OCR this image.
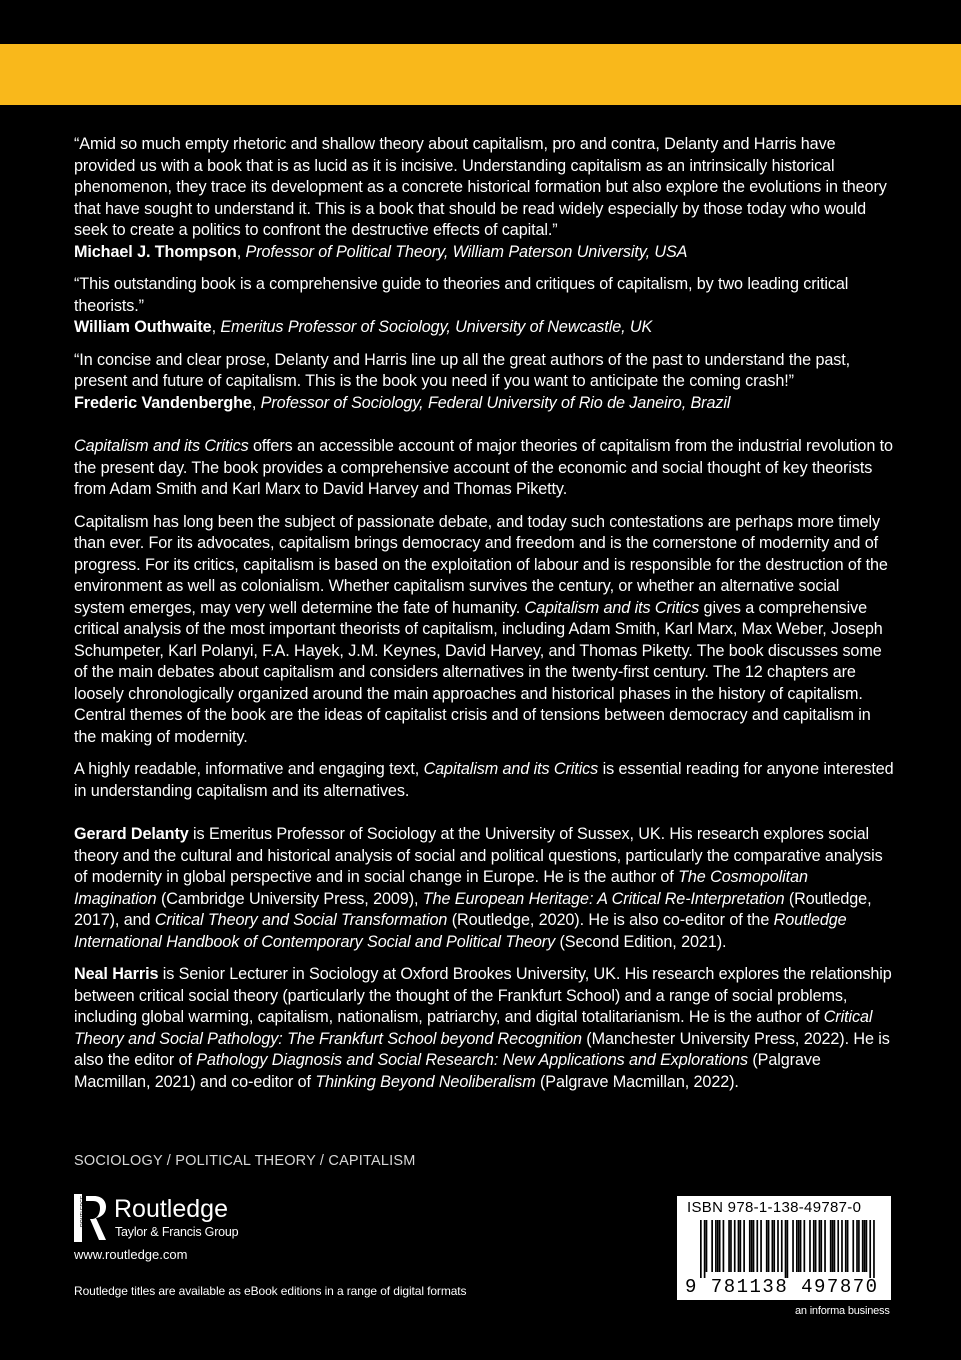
“Amid so much empty rhetoric and shallow theory about capitalism, pro and contra, Delanty and Harris have provided us with a book that is as lucid as it is incisive. Understanding capitalism as an intrinsically historical phenomenon, they trace its development as a concrete historical formation but also explore the evolutions in theory that have sought to understand it. This is a book that should be read widely especially by those today who would seek to create a politics to confront the destructive effects of capital.”
Michael J. Thompson, Professor of Political Theory, William Paterson University, USA

“This outstanding book is a comprehensive guide to theories and critiques of capitalism, by two leading critical theorists.”
William Outhwaite, Emeritus Professor of Sociology, University of Newcastle, UK

“In concise and clear prose, Delanty and Harris line up all the great authors of the past to understand the past, present and future of capitalism. This is the book you need if you want to anticipate the coming crash!”
Frederic Vandenberghe, Professor of Sociology, Federal University of Rio de Janeiro, Brazil

Capitalism and its Critics offers an accessible account of major theories of capitalism from the industrial revolution to the present day. The book provides a comprehensive account of the economic and social thought of key theorists from Adam Smith and Karl Marx to David Harvey and Thomas Piketty.

Capitalism has long been the subject of passionate debate, and today such contestations are perhaps more timely than ever. For its advocates, capitalism brings democracy and freedom and is the cornerstone of modernity and of progress. For its critics, capitalism is based on the exploitation of labour and is responsible for the destruction of the environment as well as colonialism. Whether capitalism survives the century, or whether an alternative social system emerges, may very well determine the fate of humanity. Capitalism and its Critics gives a comprehensive critical analysis of the most important theorists of capitalism, including Adam Smith, Karl Marx, Max Weber, Joseph Schumpeter, Karl Polanyi, F.A. Hayek, J.M. Keynes, David Harvey, and Thomas Piketty. The book discusses some of the main debates about capitalism and considers alternatives in the twenty-first century. The 12 chapters are loosely chronologically organized around the main approaches and historical phases in the history of capitalism. Central themes of the book are the ideas of capitalist crisis and of tensions between democracy and capitalism in the making of modernity.

A highly readable, informative and engaging text, Capitalism and its Critics is essential reading for anyone interested in understanding capitalism and its alternatives.

Gerard Delanty is Emeritus Professor of Sociology at the University of Sussex, UK. His research explores social theory and the cultural and historical analysis of social and political questions, particularly the comparative analysis of modernity in global perspective and in social change in Europe. He is the author of The Cosmopolitan Imagination (Cambridge University Press, 2009), The European Heritage: A Critical Re-Interpretation (Routledge, 2017), and Critical Theory and Social Transformation (Routledge, 2020). He is also co-editor of the Routledge International Handbook of Contemporary Social and Political Theory (Second Edition, 2021).

Neal Harris is Senior Lecturer in Sociology at Oxford Brookes University, UK. His research explores the relationship between critical social theory (particularly the thought of the Frankfurt School) and a range of social problems, including global warming, capitalism, nationalism, patriarchy, and digital totalitarianism. He is the author of Critical Theory and Social Pathology: The Frankfurt School beyond Recognition (Manchester University Press, 2022). He is also the editor of Pathology Diagnosis and Social Research: New Applications and Explorations (Palgrave Macmillan, 2021) and co-editor of Thinking Beyond Neoliberalism (Palgrave Macmillan, 2022).

SOCIOLOGY / POLITICAL THEORY / CAPITALISM
ROUTLEDGE Routledge
Taylor & Francis Group
www.routledge.com
Routledge titles are available as eBook editions in a range of digital formats
ISBN 978-1-138-49787-0
9 781138 497870
an informa business
